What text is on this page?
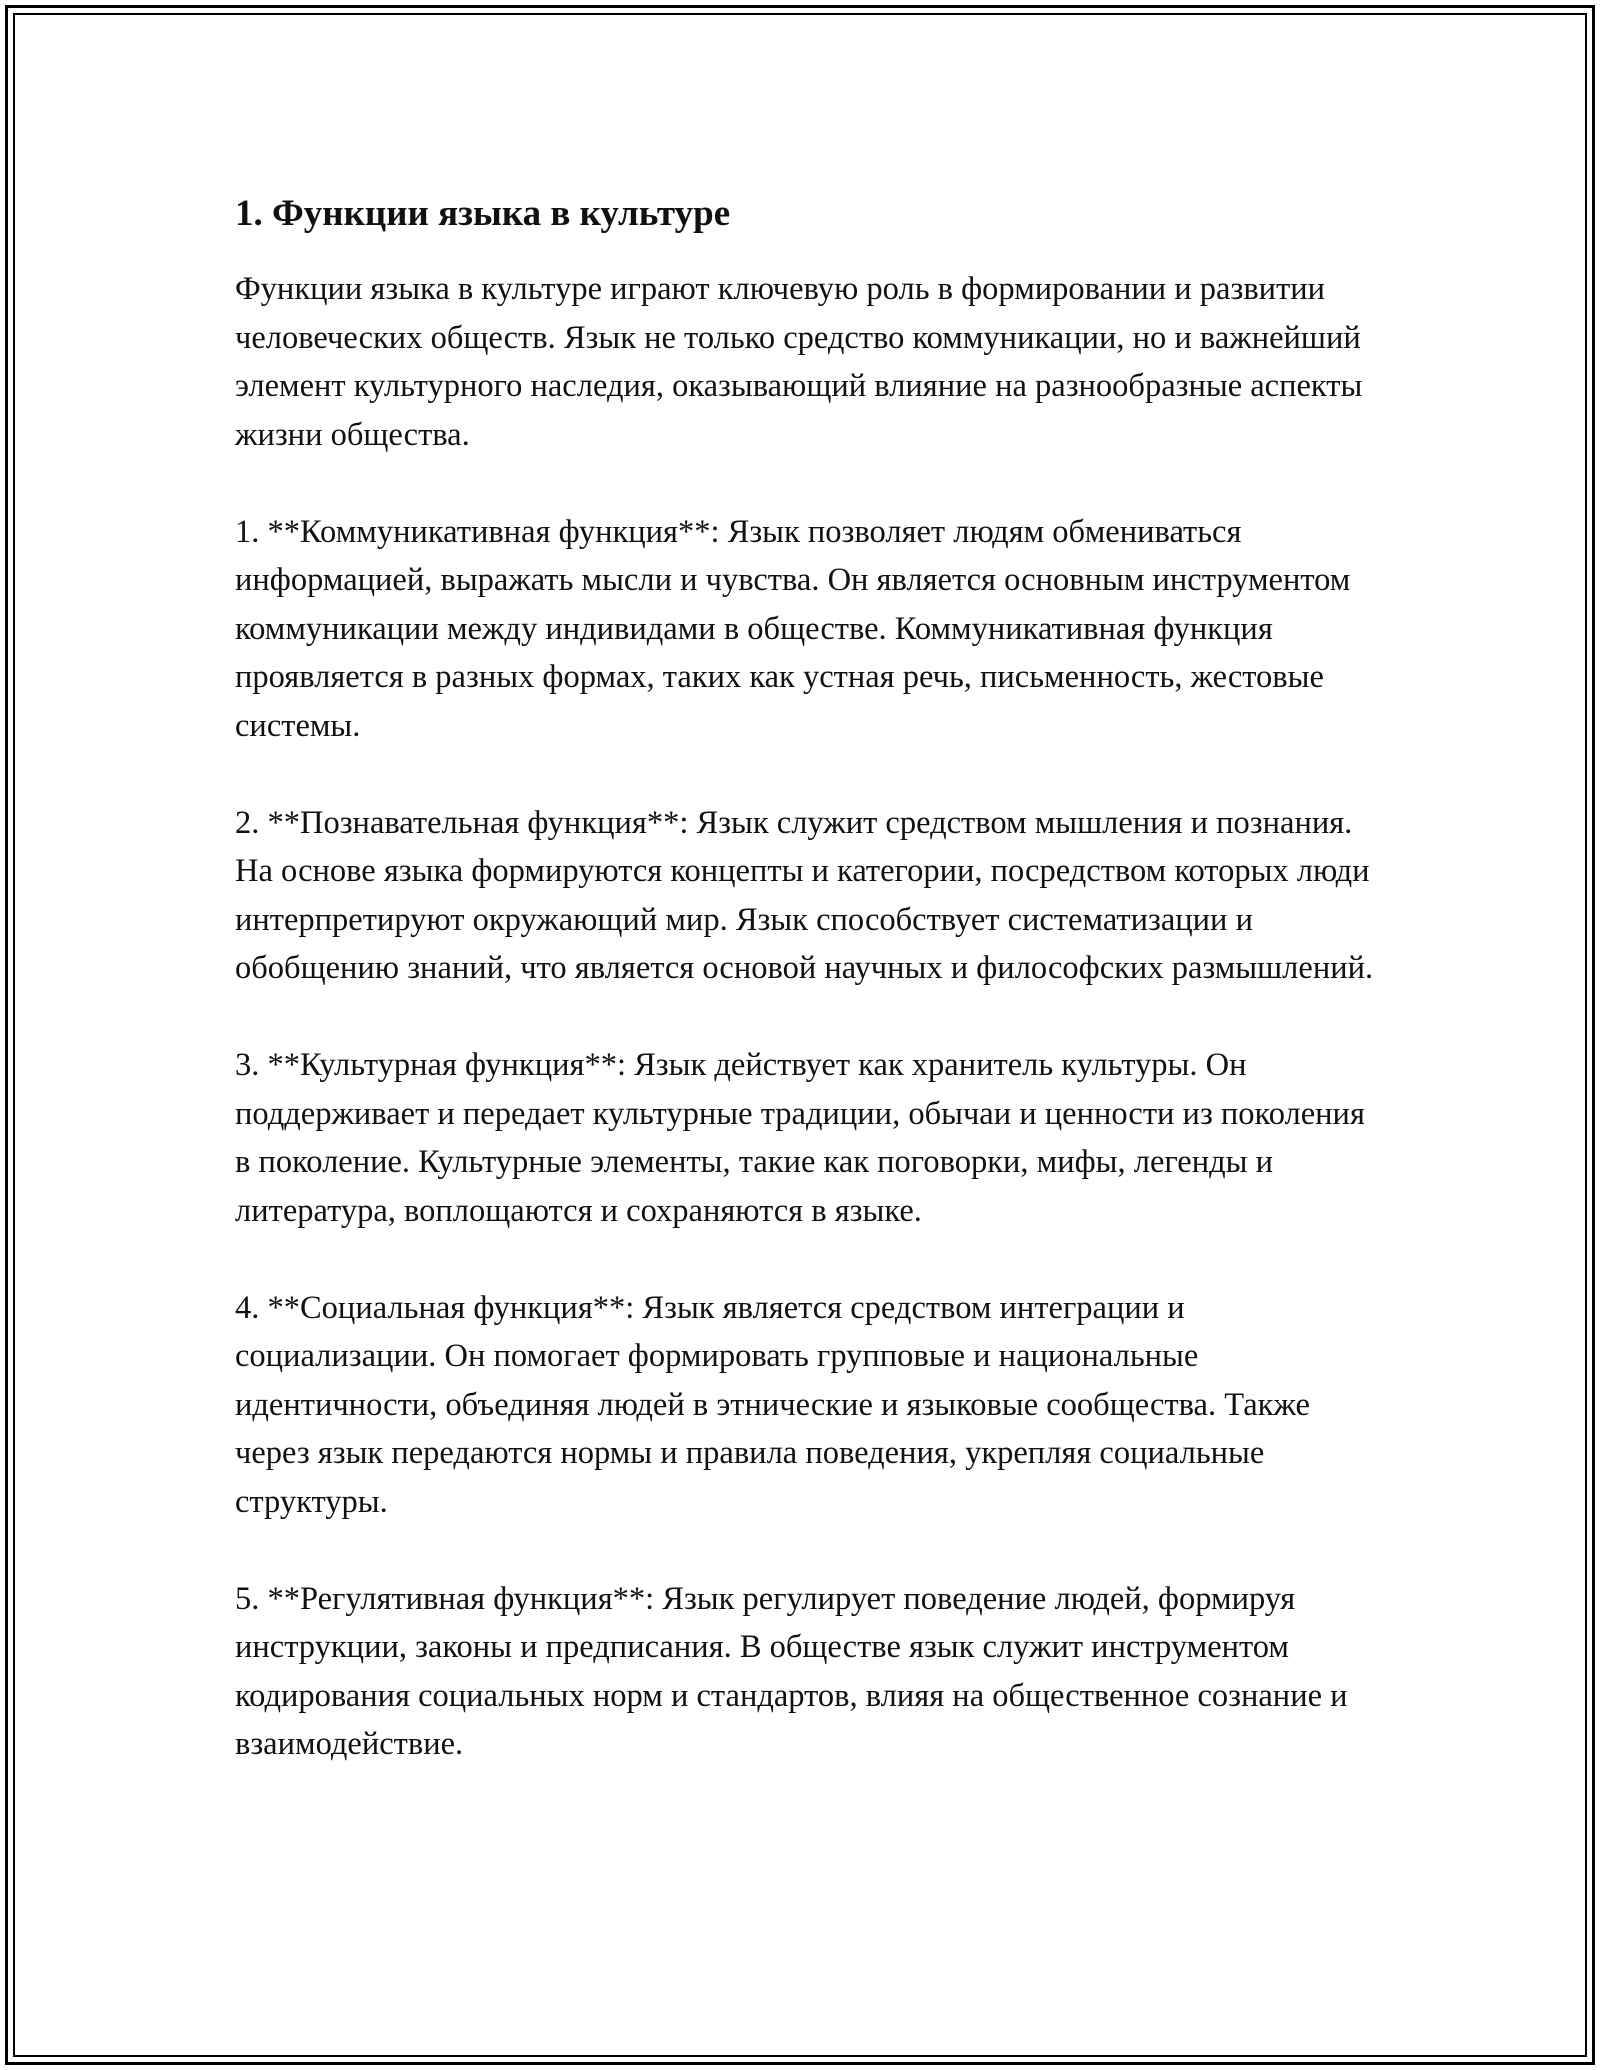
1. Функции языка в культуре

Функции языка в культуре играют ключевую роль в формировании и развитии человеческих обществ. Язык не только средство коммуникации, но и важнейший элемент культурного наследия, оказывающий влияние на разнообразные аспекты жизни общества.

1. **Коммуникативная функция**: Язык позволяет людям обмениваться информацией, выражать мысли и чувства. Он является основным инструментом коммуникации между индивидами в обществе. Коммуникативная функция проявляется в разных формах, таких как устная речь, письменность, жестовые системы.

2. **Познавательная функция**: Язык служит средством мышления и познания. На основе языка формируются концепты и категории, посредством которых люди интерпретируют окружающий мир. Язык способствует систематизации и обобщению знаний, что является основой научных и философских размышлений.

3. **Культурная функция**: Язык действует как хранитель культуры. Он поддерживает и передает культурные традиции, обычаи и ценности из поколения в поколение. Культурные элементы, такие как поговорки, мифы, легенды и литература, воплощаются и сохраняются в языке.

4. **Социальная функция**: Язык является средством интеграции и социализации. Он помогает формировать групповые и национальные идентичности, объединяя людей в этнические и языковые сообщества. Также через язык передаются нормы и правила поведения, укрепляя социальные структуры.

5. **Регулятивная функция**: Язык регулирует поведение людей, формируя инструкции, законы и предписания. В обществе язык служит инструментом кодирования социальных норм и стандартов, влияя на общественное сознание и взаимодействие.
